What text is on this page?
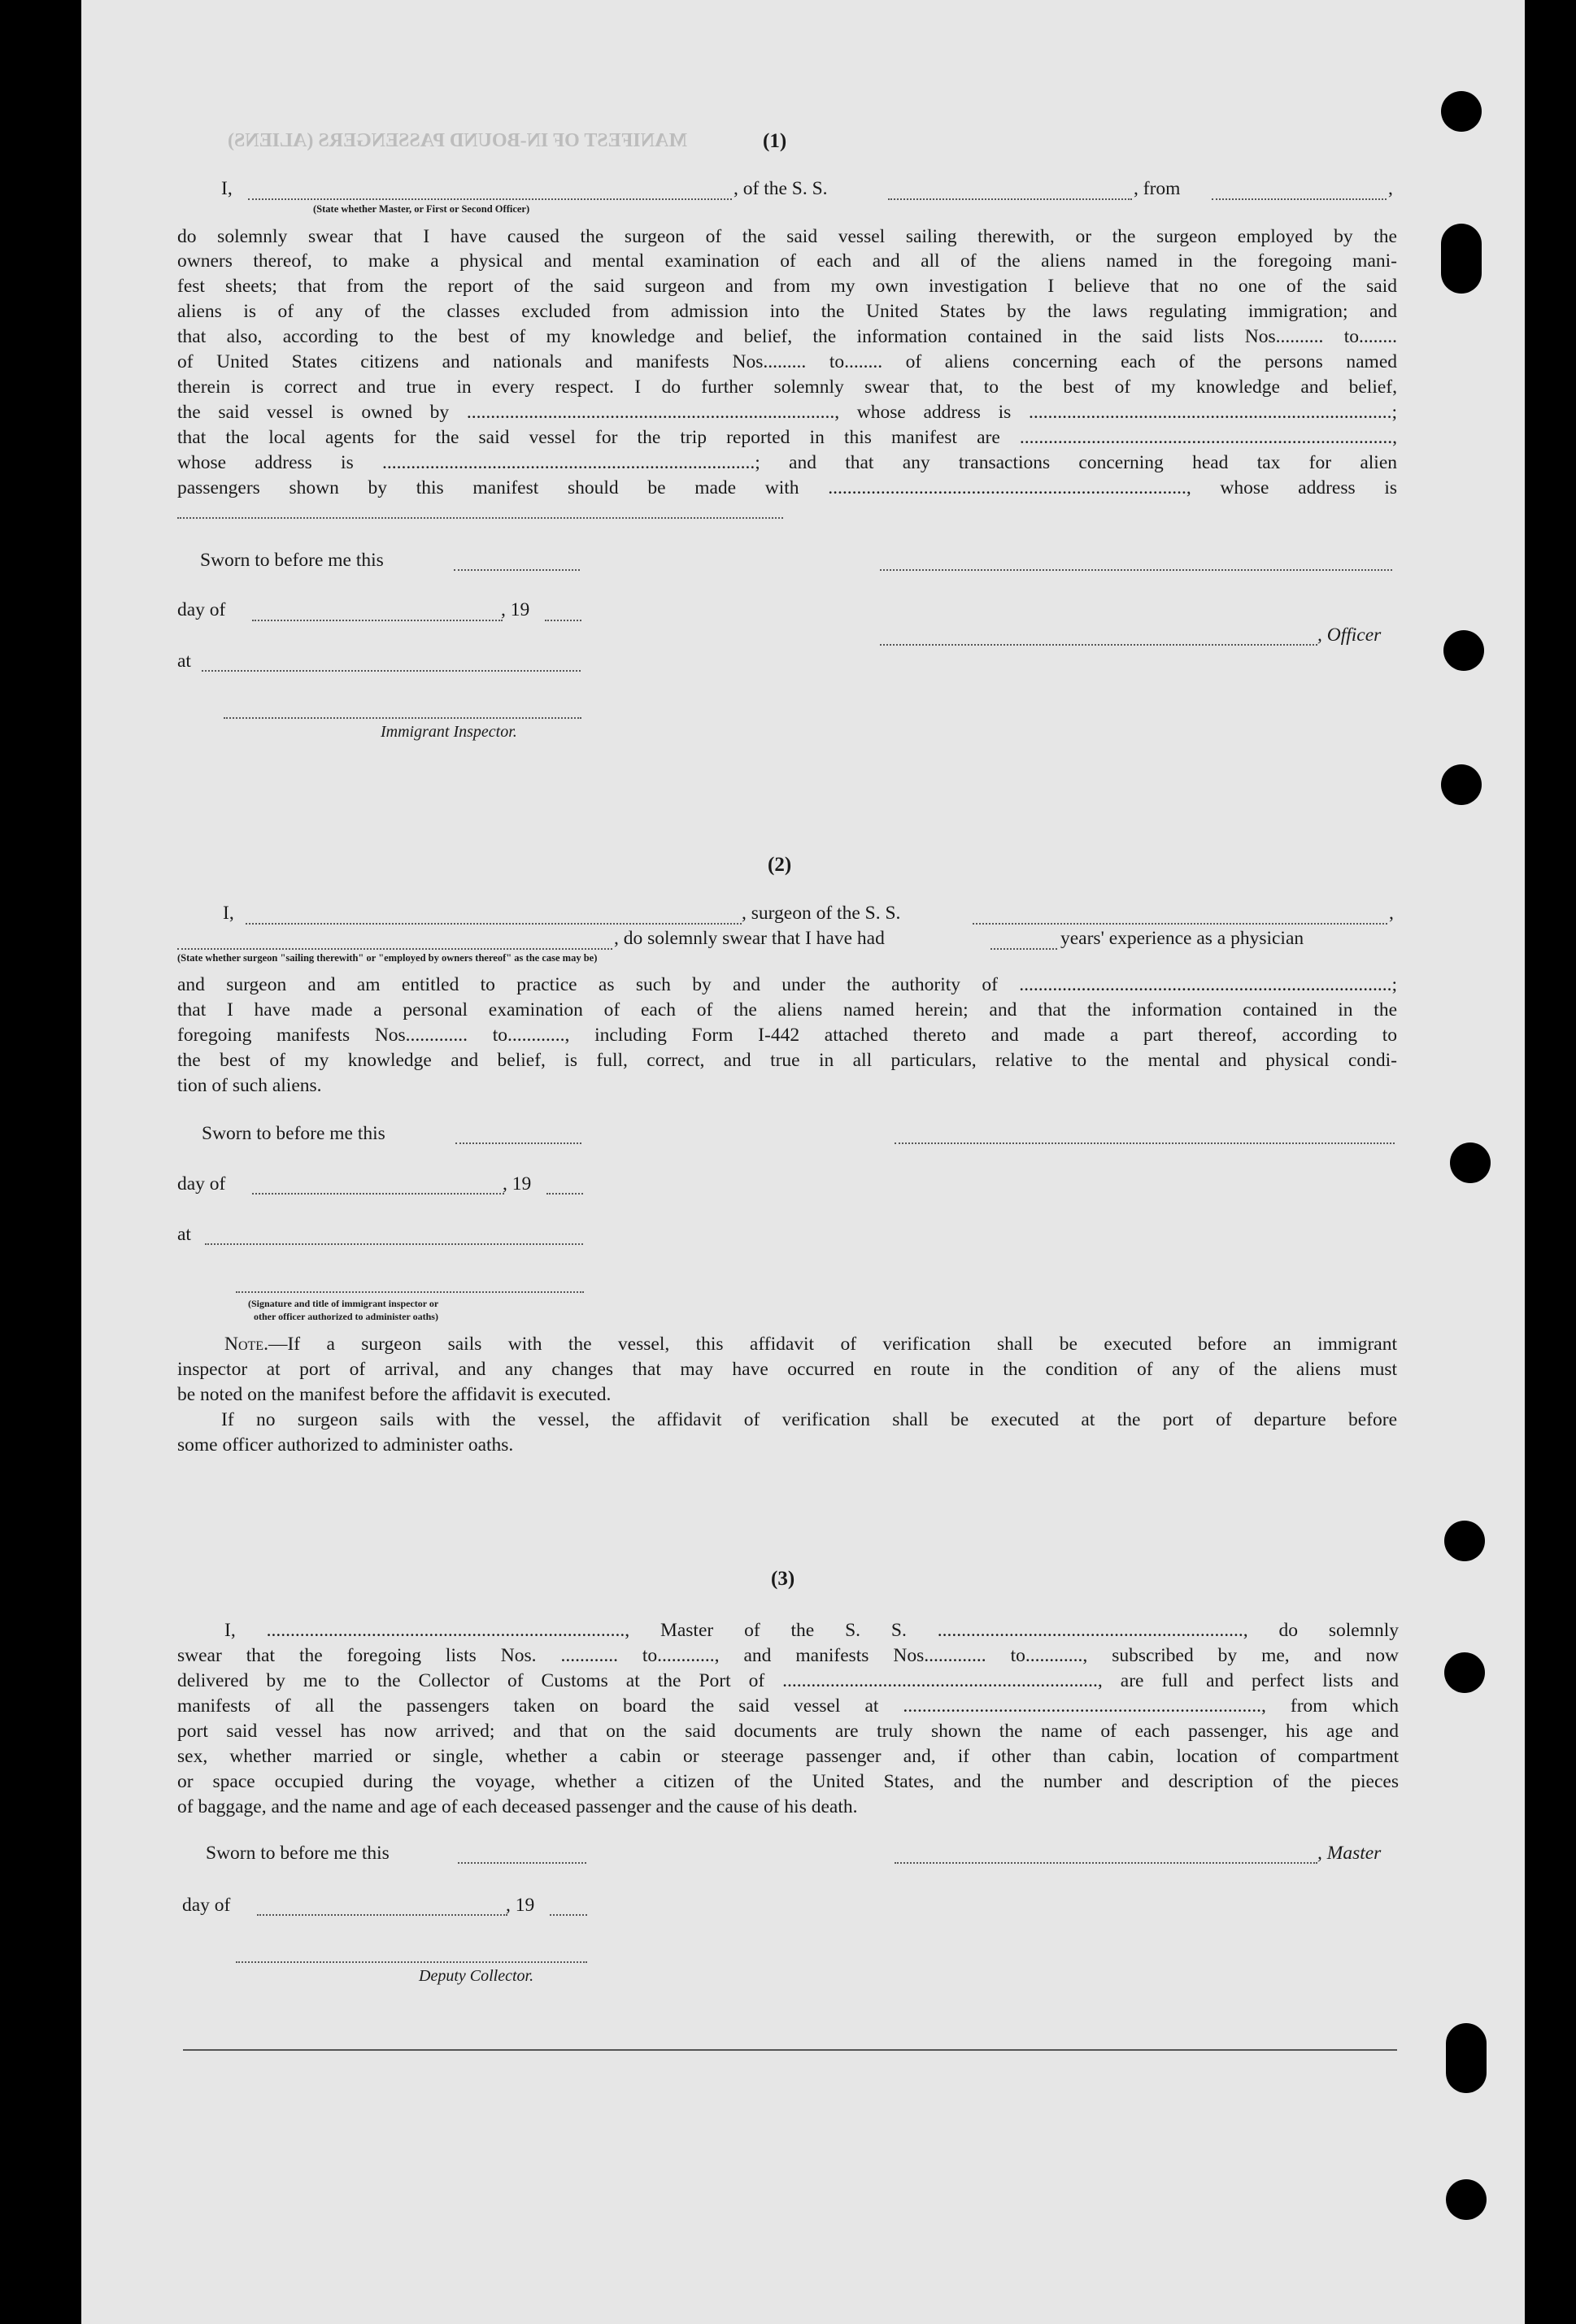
MANIFEST OF IN-BOUND PASSENGERS (ALIENS)	(1)
I,	, of the S. S.	, from	,
(State whether Master, or First or Second Officer)

do solemnly swear that I have caused the surgeon of the said vessel sailing therewith, or the surgeon employed by the

owners thereof, to make a physical and mental examination of each and all of the aliens named in the foregoing mani-

fest sheets; that from the report of the said surgeon and from my own investigation I believe that no one of the said

aliens is of any of the classes excluded from admission into the United States by the laws regulating immigration; and

that also, according to the best of my knowledge and belief, the information contained in the said lists Nos.......... to........

of United States citizens and nationals and manifests Nos......... to........ of aliens concerning each of the persons named

therein is correct and true in every respect. I do further solemnly swear that, to the best of my knowledge and belief,

the said vessel is owned by ............................................................................., whose address is ............................................................................;

that the local agents for the said vessel for the trip reported in this manifest are ..............................................................................,

whose address is ..............................................................................; and that any transactions concerning head tax for alien

passengers shown by this manifest should be made with ..........................................................................., whose address is

Sworn to before me this
day of	, 19
, Officer
at
Immigrant Inspector.
(2)
I,	, surgeon of the S. S.	,
, do solemnly swear that I have had	years' experience as a physician
(State whether surgeon "sailing therewith" or "employed by owners thereof" as the case may be)

and surgeon and am entitled to practice as such by and under the authority of ..............................................................................;

that I have made a personal examination of each of the aliens named herein; and that the information contained in the

foregoing manifests Nos............. to............, including Form I-442 attached thereto and made a part thereof, according to

the best of my knowledge and belief, is full, correct, and true in all particulars, relative to the mental and physical condi-

tion of such aliens.

Sworn to before me this
day of	, 19
at
(Signature and title of immigrant inspector or
other officer authorized to administer oaths)
Note.—If a surgeon sails with the vessel, this affidavit of verification shall be executed before an immigrant

inspector at port of arrival, and any changes that may have occurred en route in the condition of any of the aliens must

be noted on the manifest before the affidavit is executed.

If no surgeon sails with the vessel, the affidavit of verification shall be executed at the port of departure before

some officer authorized to administer oaths.

(3)

I, ..........................................................................., Master of the S. S. ................................................................, do solemnly

swear that the foregoing lists Nos. ............ to............, and manifests Nos............. to............, subscribed by me, and now

delivered by me to the Collector of Customs at the Port of .................................................................., are full and perfect lists and

manifests of all the passengers taken on board the said vessel at ..........................................................................., from which

port said vessel has now arrived; and that on the said documents are truly shown the name of each passenger, his age and

sex, whether married or single, whether a cabin or steerage passenger and, if other than cabin, location of compartment

or space occupied during the voyage, whether a citizen of the United States, and the number and description of the pieces

of baggage, and the name and age of each deceased passenger and the cause of his death.

Sworn to before me this	, Master
day of	, 19
Deputy Collector.
